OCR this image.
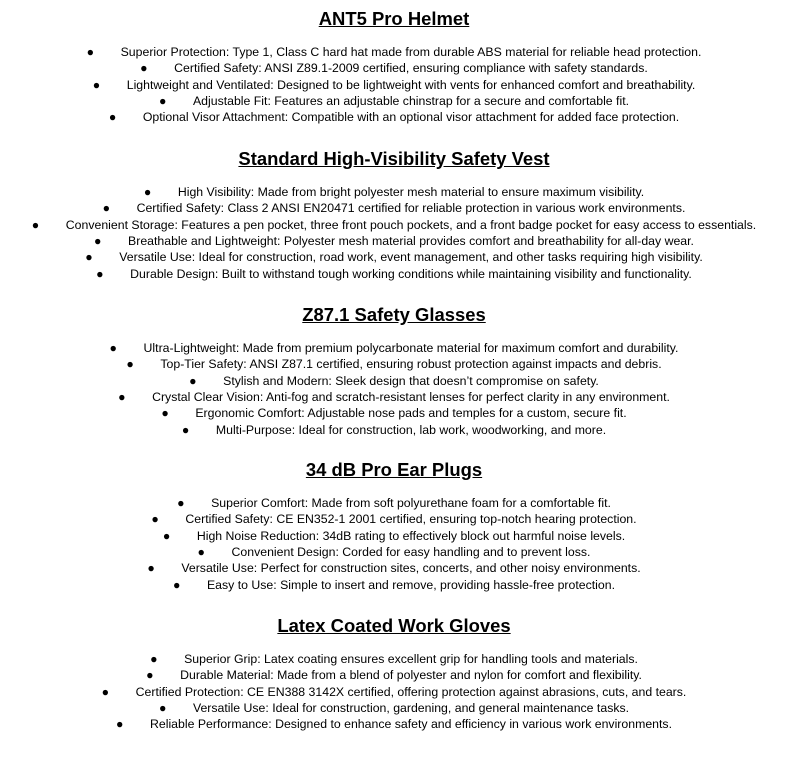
ANT5 Pro Helmet
● Superior Protection: Type 1, Class C hard hat made from durable ABS material for reliable head protection.
● Certified Safety: ANSI Z89.1-2009 certified, ensuring compliance with safety standards.
● Lightweight and Ventilated: Designed to be lightweight with vents for enhanced comfort and breathability.
● Adjustable Fit: Features an adjustable chinstrap for a secure and comfortable fit.
● Optional Visor Attachment: Compatible with an optional visor attachment for added face protection.
Standard High-Visibility Safety Vest
● High Visibility: Made from bright polyester mesh material to ensure maximum visibility.
● Certified Safety: Class 2 ANSI EN20471 certified for reliable protection in various work environments.
● Convenient Storage: Features a pen pocket, three front pouch pockets, and a front badge pocket for easy access to essentials.
● Breathable and Lightweight: Polyester mesh material provides comfort and breathability for all-day wear.
● Versatile Use: Ideal for construction, road work, event management, and other tasks requiring high visibility.
● Durable Design: Built to withstand tough working conditions while maintaining visibility and functionality.
Z87.1 Safety Glasses
● Ultra-Lightweight: Made from premium polycarbonate material for maximum comfort and durability.
● Top-Tier Safety: ANSI Z87.1 certified, ensuring robust protection against impacts and debris.
● Stylish and Modern: Sleek design that doesn’t compromise on safety.
● Crystal Clear Vision: Anti-fog and scratch-resistant lenses for perfect clarity in any environment.
● Ergonomic Comfort: Adjustable nose pads and temples for a custom, secure fit.
● Multi-Purpose: Ideal for construction, lab work, woodworking, and more.
34 dB Pro Ear Plugs
● Superior Comfort: Made from soft polyurethane foam for a comfortable fit.
● Certified Safety: CE EN352-1 2001 certified, ensuring top-notch hearing protection.
● High Noise Reduction: 34dB rating to effectively block out harmful noise levels.
● Convenient Design: Corded for easy handling and to prevent loss.
● Versatile Use: Perfect for construction sites, concerts, and other noisy environments.
● Easy to Use: Simple to insert and remove, providing hassle-free protection.
Latex Coated Work Gloves
● Superior Grip: Latex coating ensures excellent grip for handling tools and materials.
● Durable Material: Made from a blend of polyester and nylon for comfort and flexibility.
● Certified Protection: CE EN388 3142X certified, offering protection against abrasions, cuts, and tears.
● Versatile Use: Ideal for construction, gardening, and general maintenance tasks.
● Reliable Performance: Designed to enhance safety and efficiency in various work environments.
